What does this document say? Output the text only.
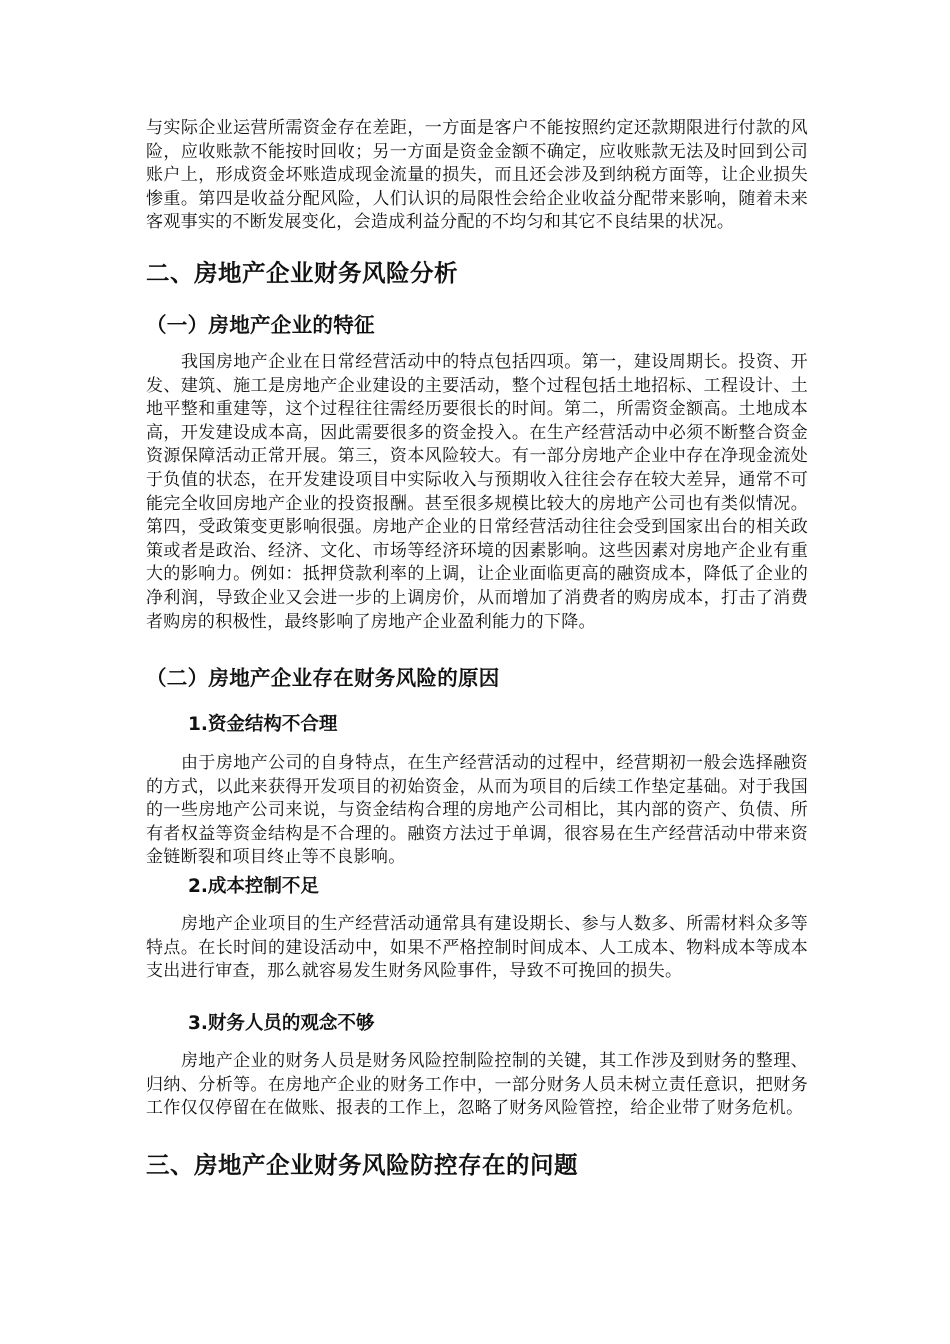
与实际企业运营所需资金存在差距，一方面是客户不能按照约定还款期限进行付款的风险，应收账款不能按时回收；另一方面是资金金额不确定，应收账款无法及时回到公司账户上，形成资金坏账造成现金流量的损失，而且还会涉及到纳税方面等，让企业损失惨重。第四是收益分配风险，人们认识的局限性会给企业收益分配带来影响，随着未来客观事实的不断发展变化，会造成利益分配的不均匀和其它不良结果的状况。

二、房地产企业财务风险分析
（一）房地产企业的特征

我国房地产企业在日常经营活动中的特点包括四项。第一，建设周期长。投资、开发、建筑、施工是房地产企业建设的主要活动，整个过程包括土地招标、工程设计、土地平整和重建等，这个过程往往需经历要很长的时间。第二，所需资金额高。土地成本高，开发建设成本高，因此需要很多的资金投入。在生产经营活动中必须不断整合资金资源保障活动正常开展。第三，资本风险较大。有一部分房地产企业中存在净现金流处于负值的状态，在开发建设项目中实际收入与预期收入往往会存在较大差异，通常不可能完全收回房地产企业的投资报酬。甚至很多规模比较大的房地产公司也有类似情况。第四，受政策变更影响很强。房地产企业的日常经营活动往往会受到国家出台的相关政策或者是政治、经济、文化、市场等经济环境的因素影响。这些因素对房地产企业有重大的影响力。例如：抵押贷款利率的上调，让企业面临更高的融资成本，降低了企业的净利润，导致企业又会进一步的上调房价，从而增加了消费者的购房成本，打击了消费者购房的积极性，最终影响了房地产企业盈利能力的下降。

（二）房地产企业存在财务风险的原因
1.资金结构不合理

由于房地产公司的自身特点，在生产经营活动的过程中，经营期初一般会选择融资的方式，以此来获得开发项目的初始资金，从而为项目的后续工作垫定基础。对于我国的一些房地产公司来说，与资金结构合理的房地产公司相比，其内部的资产、负债、所有者权益等资金结构是不合理的。融资方法过于单调，很容易在生产经营活动中带来资金链断裂和项目终止等不良影响。

2.成本控制不足

房地产企业项目的生产经营活动通常具有建设期长、参与人数多、所需材料众多等特点。在长时间的建设活动中，如果不严格控制时间成本、人工成本、物料成本等成本支出进行审查，那么就容易发生财务风险事件，导致不可挽回的损失。

3.财务人员的观念不够

房地产企业的财务人员是财务风险控制险控制的关键，其工作涉及到财务的整理、归纳、分析等。在房地产企业的财务工作中，一部分财务人员未树立责任意识，把财务工作仅仅停留在在做账、报表的工作上，忽略了财务风险管控，给企业带了财务危机。

三、房地产企业财务风险防控存在的问题
